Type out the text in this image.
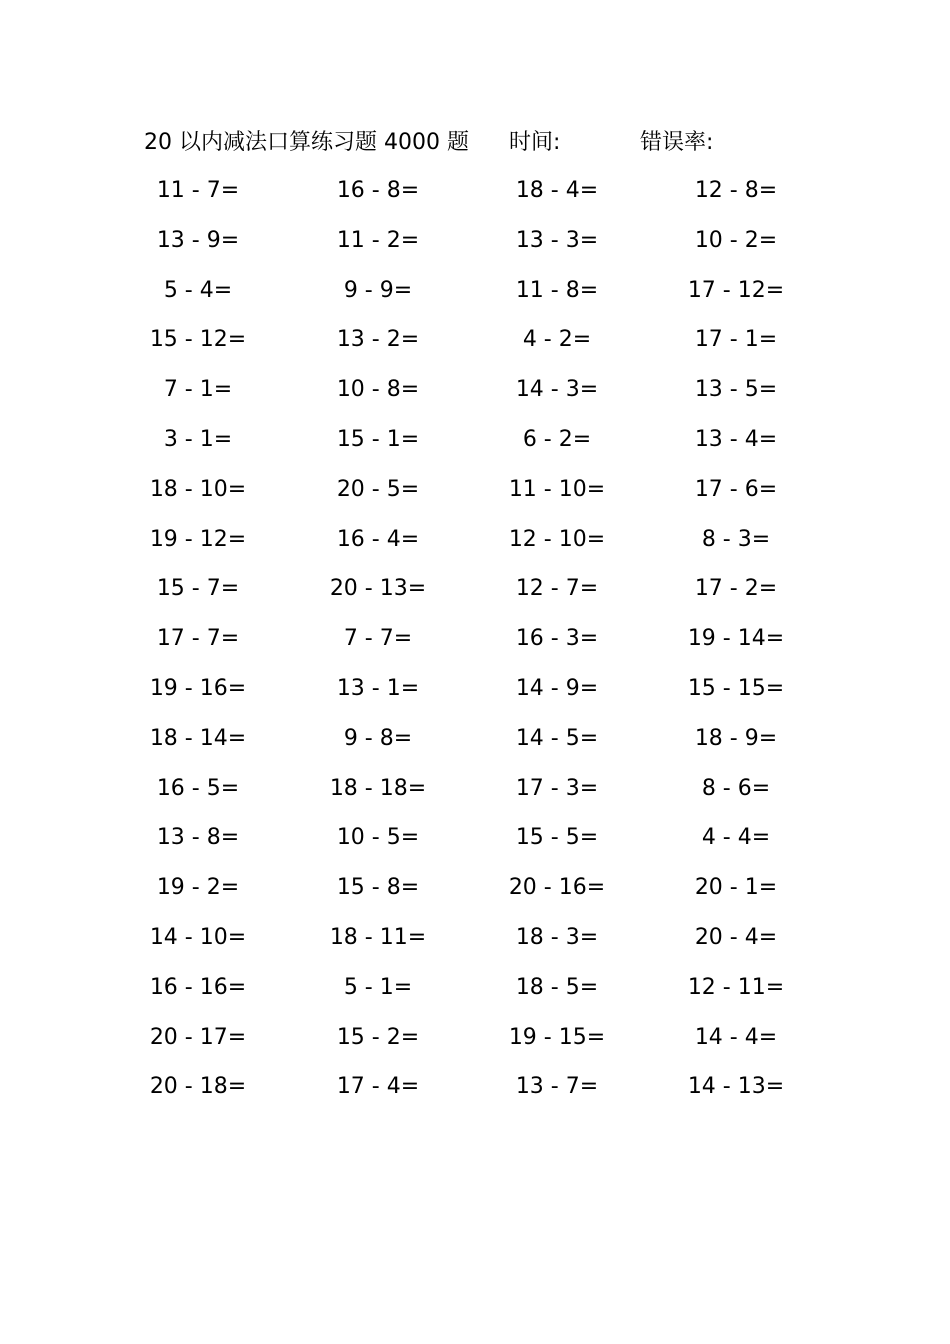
20 以内减法口算练习题 4000 题 时间:	错误率:
11 - 7=	16 - 8=	18 - 4=	12 - 8=
13 - 9=	11 - 2=	13 - 3=	10 - 2=
5 - 4=	9 - 9=	11 - 8=	17 - 12=
15 - 12=	13 - 2=	4 - 2=	17 - 1=
7 - 1=	10 - 8=	14 - 3=	13 - 5=
3 - 1=	15 - 1=	6 - 2=	13 - 4=
18 - 10=	20 - 5=	11 - 10=	17 - 6=
19 - 12=	16 - 4=	12 - 10=	8 - 3=
15 - 7=	20 - 13=	12 - 7=	17 - 2=
17 - 7=	7 - 7=	16 - 3=	19 - 14=
19 - 16=	13 - 1=	14 - 9=	15 - 15=
18 - 14=	9 - 8=	14 - 5=	18 - 9=
16 - 5=	18 - 18=	17 - 3=	8 - 6=
13 - 8=	10 - 5=	15 - 5=	4 - 4=
19 - 2=	15 - 8=	20 - 16=	20 - 1=
14 - 10=	18 - 11=	18 - 3=	20 - 4=
16 - 16=	5 - 1=	18 - 5=	12 - 11=
20 - 17=	15 - 2=	19 - 15=	14 - 4=
20 - 18=	17 - 4=	13 - 7=	14 - 13=
